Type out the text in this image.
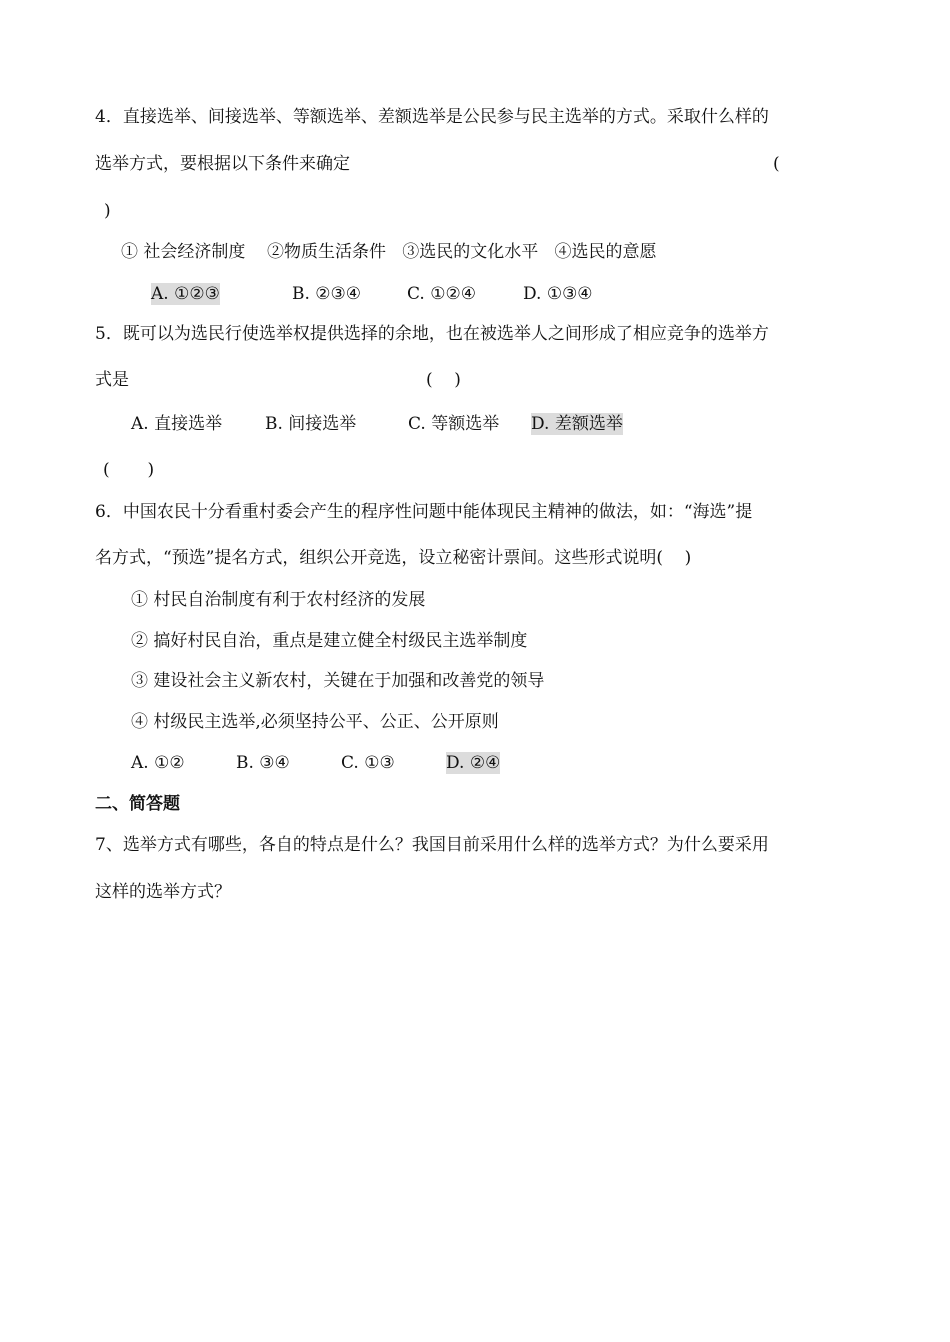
4．直接选举、间接选举、等额选举、差额选举是公民参与民主选举的方式。采取什么样的
选举方式，要根据以下条件来确定	(
)
① 社会经济制度    ②物质生活条件   ③选民的文化水平   ④选民的意愿
A. ①②③	B. ②③④	C. ①②④	D. ①③④
5．既可以为选民行使选举权提供选择的余地，也在被选举人之间形成了相应竞争的选举方
式是	(    )
A. 直接选举	B. 间接选举	C. 等额选举 D. 差额选举
(       )
6．中国农民十分看重村委会产生的程序性问题中能体现民主精神的做法，如：“海选”提
名方式，“预选”提名方式，组织公开竞选，设立秘密计票间。这些形式说明(    )
① 村民自治制度有利于农村经济的发展
② 搞好村民自治，重点是建立健全村级民主选举制度
③ 建设社会主义新农村，关键在于加强和改善党的领导
④ 村级民主选举,必须坚持公平、公正、公开原则
A. ①②	B. ③④	C. ①③	D. ②④
二、简答题
7、选举方式有哪些，各自的特点是什么？我国目前采用什么样的选举方式？为什么要采用
这样的选举方式？
